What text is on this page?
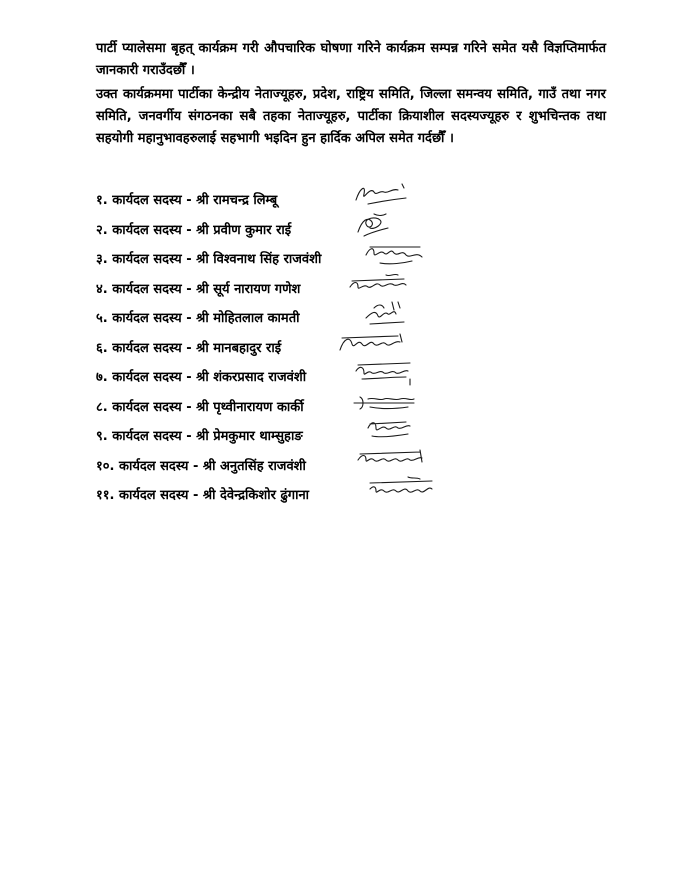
पार्टी प्यालेसमा बृहत् कार्यक्रम गरी औपचारिक घोषणा गरिने कार्यक्रम सम्पन्न गरिने समेत यसै विज्ञप्तिमार्फत जानकारी गराउँदछौँ ।

उक्त कार्यक्रममा पार्टीका केन्द्रीय नेताज्यूहरु, प्रदेश, राष्ट्रिय समिति, जिल्ला समन्वय समिति, गाउँ तथा नगर समिति, जनवर्गीय संगठनका सबै तहका नेताज्यूहरु, पार्टीका क्रियाशील सदस्यज्यूहरु र शुभचिन्तक तथा सहयोगी महानुभावहरुलाई सहभागी भइदिन हुन हार्दिक अपिल समेत गर्दछौँ ।

१. कार्यदल सदस्य - श्री रामचन्द्र लिम्बू
२. कार्यदल सदस्य - श्री प्रवीण कुमार राई
३. कार्यदल सदस्य - श्री विश्वनाथ सिंह राजवंशी
४. कार्यदल सदस्य - श्री सूर्य नारायण गणेश
५. कार्यदल सदस्य - श्री मोहितलाल कामती
६. कार्यदल सदस्य - श्री मानबहादुर राई
७. कार्यदल सदस्य - श्री शंकरप्रसाद राजवंशी
८. कार्यदल सदस्य - श्री पृथ्वीनारायण कार्की
९. कार्यदल सदस्य - श्री प्रेमकुमार थाम्सुहाङ
१०. कार्यदल सदस्य - श्री अनुतसिंह राजवंशी
११. कार्यदल सदस्य - श्री देवेन्द्रकिशोर ढुंगाना
